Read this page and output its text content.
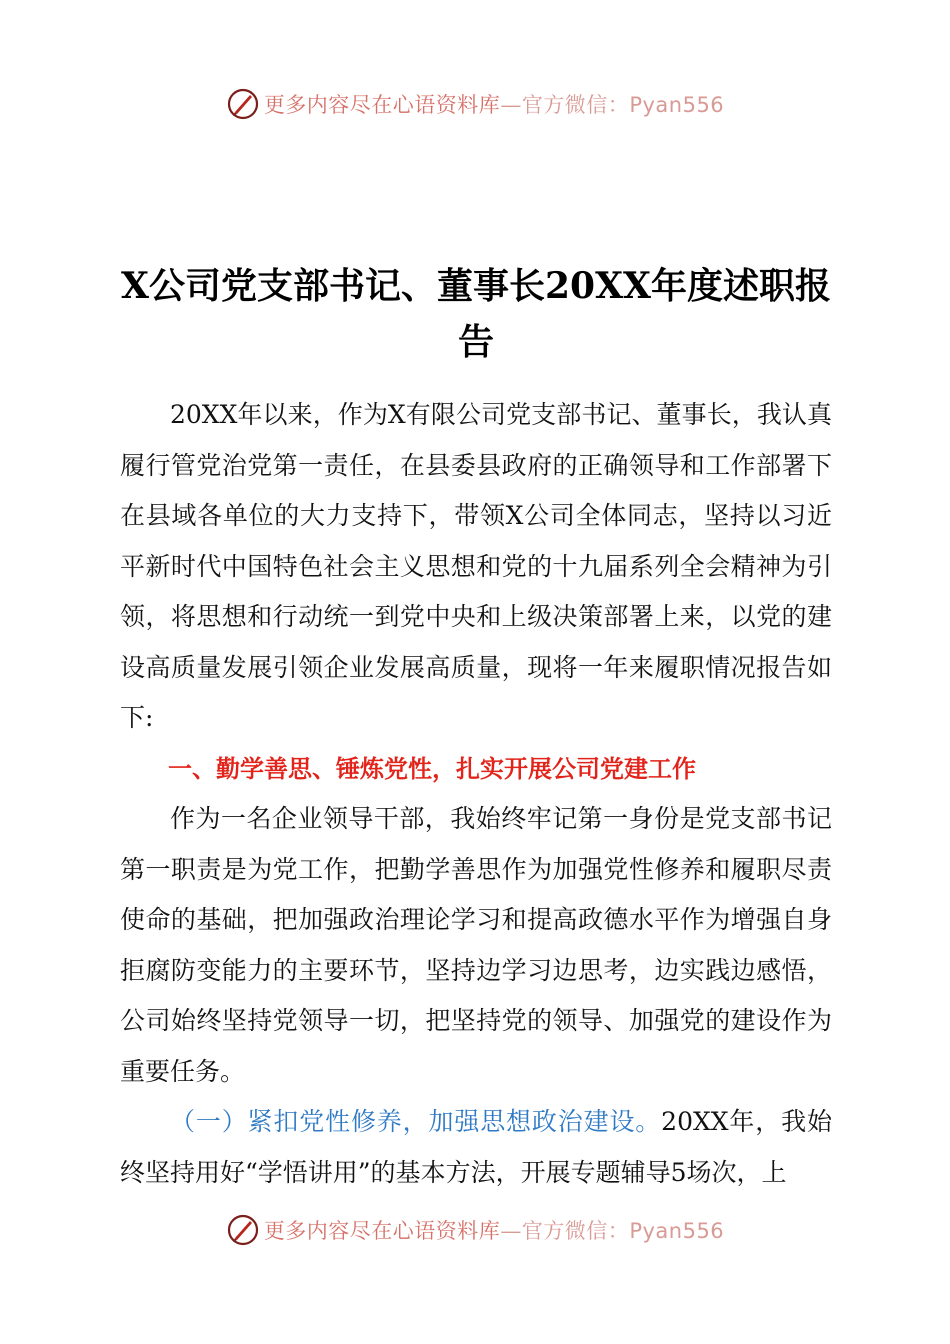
更多内容尽在心语资料库—官方微信：Pyan556
X公司党支部书记、董事长20XX年度述职报告

20XX年以来，作为X有限公司党支部书记、董事长，我认真履行管党治党第一责任，在县委县政府的正确领导和工作部署下在县域各单位的大力支持下，带领X公司全体同志，坚持以习近平新时代中国特色社会主义思想和党的十九届系列全会精神为引领，将思想和行动统一到党中央和上级决策部署上来，以党的建设高质量发展引领企业发展高质量，现将一年来履职情况报告如下:

一、勤学善思、锤炼党性，扎实开展公司党建工作

作为一名企业领导干部，我始终牢记第一身份是党支部书记第一职责是为党工作，把勤学善思作为加强党性修养和履职尽责使命的基础，把加强政治理论学习和提高政德水平作为增强自身拒腐防变能力的主要环节，坚持边学习边思考，边实践边感悟，公司始终坚持党领导一切，把坚持党的领导、加强党的建设作为重要任务。

（一）紧扣党性修养，加强思想政治建设。20XX年，我始终坚持用好“学悟讲用”的基本方法，开展专题辅导5场次，上

更多内容尽在心语资料库—官方微信：Pyan556
